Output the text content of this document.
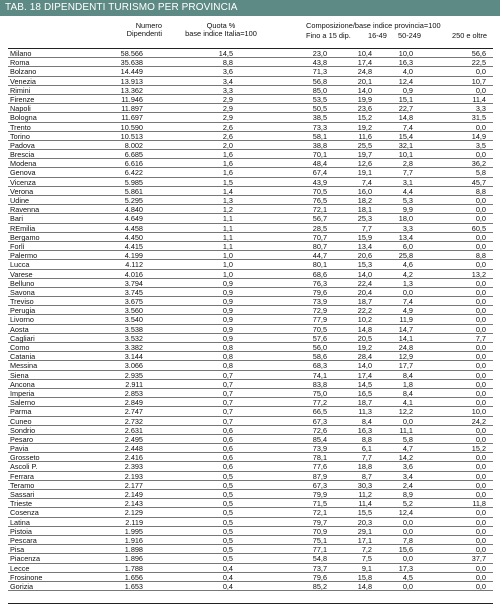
TAB. 18 DIPENDENTI TURISMO PER PROVINCIA
Numero
Dipendenti
Quota %
base indice Italia=100
Composizione/base indice provincia=100
Fino a 15 dip. 16-49 50-249	250 e oltre
Milano	58.566	14,5	23,0	10,4	10,0	56,6
Roma	35.638	8,8	43,8	17,4	16,3	22,5
Bolzano	14.449	3,6	71,3	24,8	4,0	0,0
Venezia	13.913	3,4	56,8	20,1	12,4	10,7
Rimini	13.362	3,3	85,0	14,0	0,9	0,0
Firenze	11.946	2,9	53,5	19,9	15,1	11,4
Napoli	11.897	2,9	50,5	23,6	22,7	3,3
Bologna	11.697	2,9	38,5	15,2	14,8	31,5
Trento	10.590	2,6	73,3	19,2	7,4	0,0
Torino	10.513	2,6	58,1	11,6	15,4	14,9
Padova	8.002	2,0	38,8	25,5	32,1	3,5
Brescia	6.685	1,6	70,1	19,7	10,1	0,0
Modena	6.616	1,6	48,4	12,6	2,8	36,2
Genova	6.422	1,6	67,4	19,1	7,7	5,8
Vicenza	5.985	1,5	43,9	7,4	3,1	45,7
Verona	5.861	1,4	70,5	16,0	4,4	8,8
Udine	5.295	1,3	76,5	18,2	5,3	0,0
Ravenna	4.840	1,2	72,1	18,1	9,9	0,0
Bari	4.649	1,1	56,7	25,3	18,0	0,0
REmilia	4.458	1,1	28,5	7,7	3,3	60,5
Bergamo	4.450	1,1	70,7	15,9	13,4	0,0
Forlì	4.415	1,1	80,7	13,4	6,0	0,0
Palermo	4.199	1,0	44,7	20,6	25,8	8,8
Lucca	4.112	1,0	80,1	15,3	4,6	0,0
Varese	4.016	1,0	68,6	14,0	4,2	13,2
Belluno	3.794	0,9	76,3	22,4	1,3	0,0
Savona	3.745	0,9	79,6	20,4	0,0	0,0
Treviso	3.675	0,9	73,9	18,7	7,4	0,0
Perugia	3.560	0,9	72,9	22,2	4,9	0,0
Livorno	3.540	0,9	77,9	10,2	11,9	0,0
Aosta	3.538	0,9	70,5	14,8	14,7	0,0
Cagliari	3.532	0,9	57,6	20,5	14,1	7,7
Como	3.382	0,8	56,0	19,2	24,8	0,0
Catania	3.144	0,8	58,6	28,4	12,9	0,0
Messina	3.066	0,8	68,3	14,0	17,7	0,0
Siena	2.935	0,7	74,1	17,4	8,4	0,0
Ancona	2.911	0,7	83,8	14,5	1,8	0,0
Imperia	2.853	0,7	75,0	16,5	8,4	0,0
Salerno	2.849	0,7	77,2	18,7	4,1	0,0
Parma	2.747	0,7	66,5	11,3	12,2	10,0
Cuneo	2.732	0,7	67,3	8,4	0,0	24,2
Sondrio	2.631	0,6	72,6	16,3	11,1	0,0
Pesaro	2.495	0,6	85,4	8,8	5,8	0,0
Pavia	2.448	0,6	73,9	6,1	4,7	15,2
Grosseto	2.416	0,6	78,1	7,7	14,2	0,0
Ascoli P.	2.393	0,6	77,6	18,8	3,6	0,0
Ferrara	2.193	0,5	87,9	8,7	3,4	0,0
Teramo	2.177	0,5	67,3	30,3	2,4	0,0
Sassari	2.149	0,5	79,9	11,2	8,9	0,0
Trieste	2.143	0,5	71,5	11,4	5,2	11,8
Cosenza	2.129	0,5	72,1	15,5	12,4	0,0
Latina	2.119	0,5	79,7	20,3	0,0	0,0
Pistoia	1.995	0,5	70,9	29,1	0,0	0,0
Pescara	1.916	0,5	75,1	17,1	7,8	0,0
Pisa	1.898	0,5	77,1	7,2	15,6	0,0
Piacenza	1.896	0,5	54,8	7,5	0,0	37,7
Lecce	1.788	0,4	73,7	9,1	17,3	0,0
Frosinone	1.656	0,4	79,6	15,8	4,5	0,0
Gorizia	1.653	0,4	85,2	14,8	0,0	0,0
